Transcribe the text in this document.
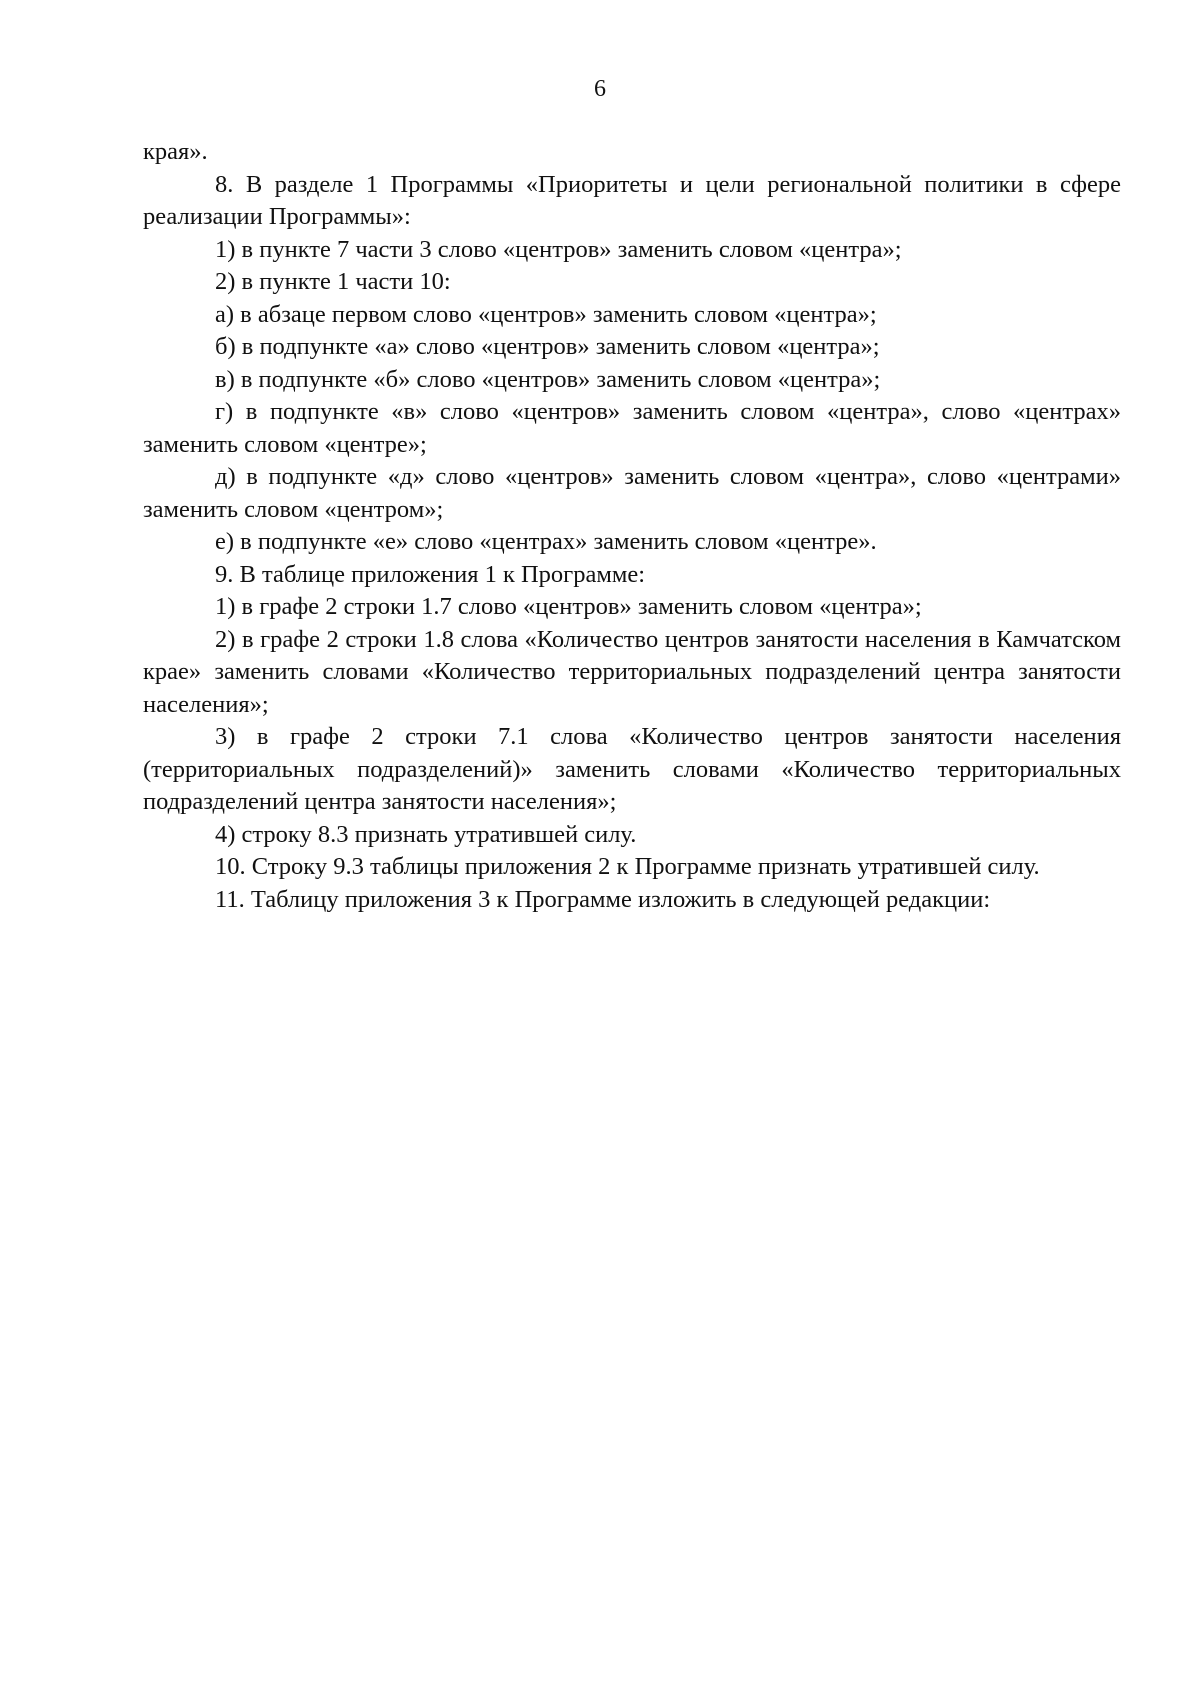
6

края».

8. В разделе 1 Программы «Приоритеты и цели региональной политики в сфере реализации Программы»:

1) в пункте 7 части 3 слово «центров» заменить словом «центра»;

2) в пункте 1 части 10:

а) в абзаце первом слово «центров» заменить словом «центра»;

б) в подпункте «а» слово «центров» заменить словом «центра»;

в) в подпункте «б» слово «центров» заменить словом «центра»;

г) в подпункте «в» слово «центров» заменить словом «центра», слово «центрах» заменить словом «центре»;

д) в подпункте «д» слово «центров» заменить словом «центра», слово «центрами» заменить словом «центром»;

е) в подпункте «е» слово «центрах» заменить словом «центре».

9. В таблице приложения 1 к Программе:

1) в графе 2 строки 1.7 слово «центров» заменить словом «центра»;

2) в графе 2 строки 1.8 слова «Количество центров занятости населения в Камчатском крае» заменить словами «Количество территориальных подразделений центра занятости населения»;

3) в графе 2 строки 7.1 слова «Количество центров занятости населения (территориальных подразделений)» заменить словами «Количество территориальных подразделений центра занятости населения»;

4) строку 8.3 признать утратившей силу.

10. Строку 9.3 таблицы приложения 2 к Программе признать утратившей силу.

11. Таблицу приложения 3 к Программе изложить в следующей редакции:
